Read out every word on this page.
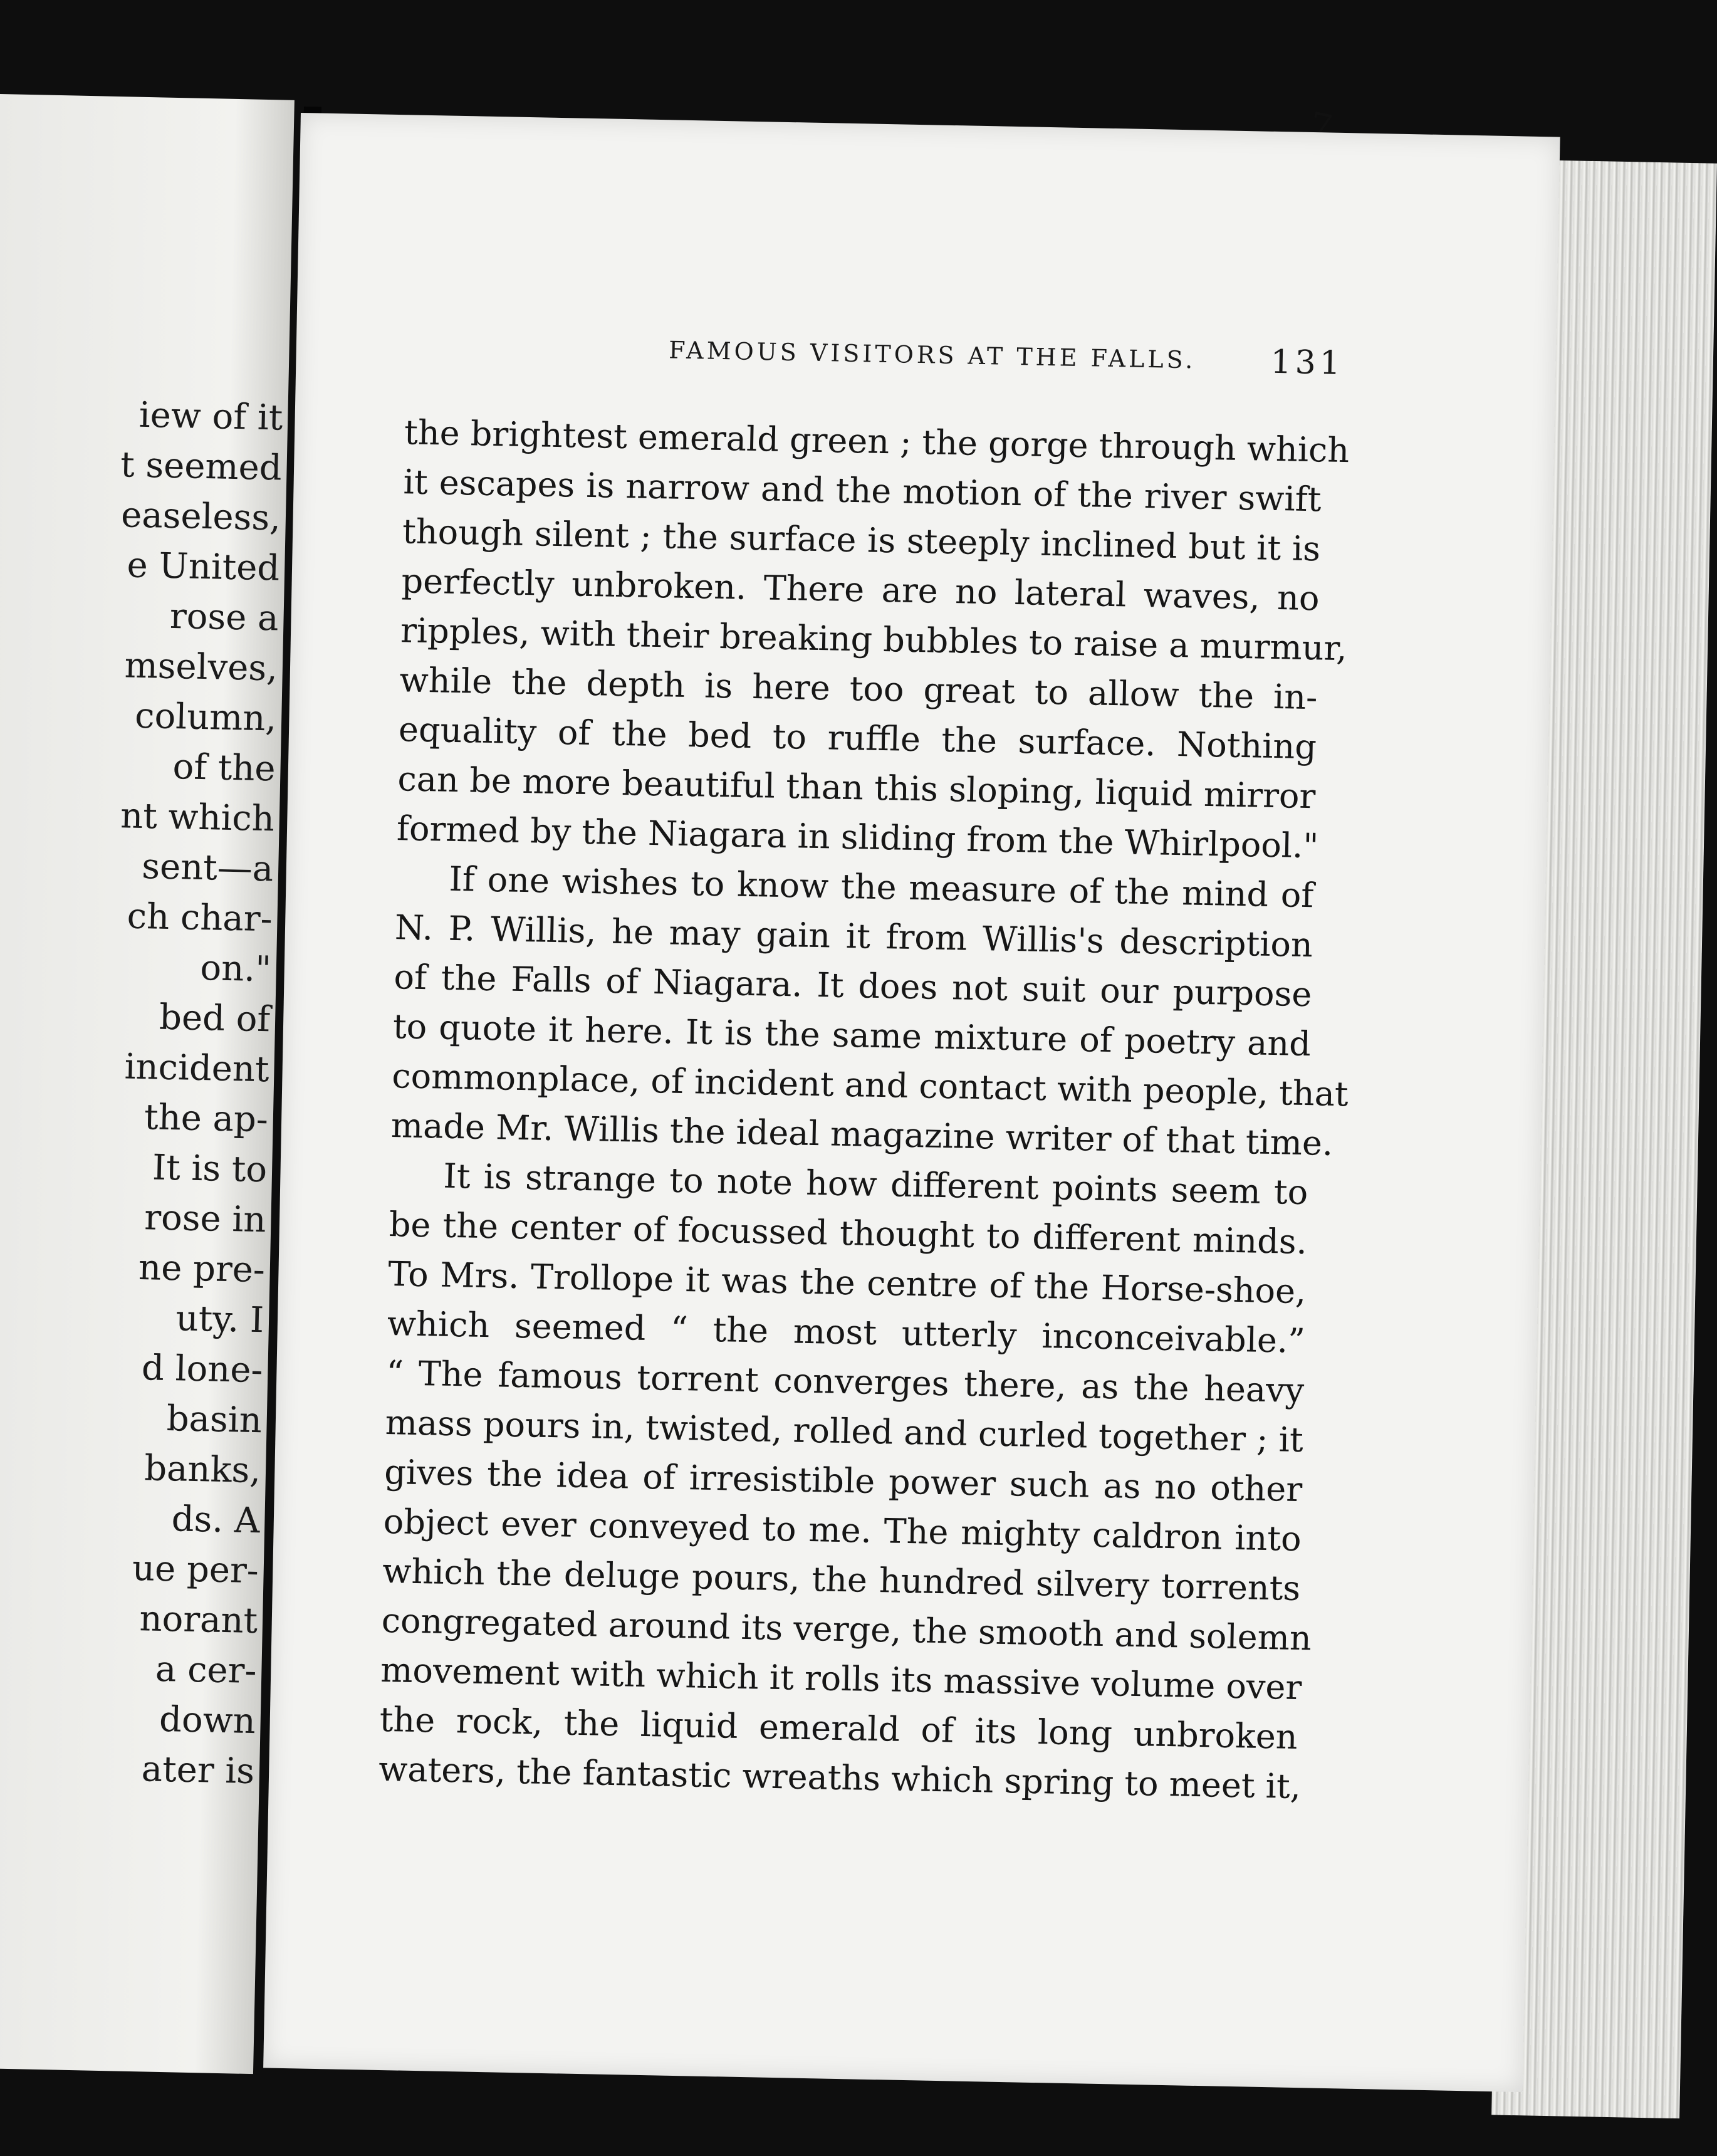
iew of it
t seemed
easeless,
e United
rose a
mselves,
column,
of the
nt which
sent—a
ch char-
on."
bed of
incident
the ap-
It is to
rose in
ne pre-
uty. I
d lone-
basin
banks,
ds. A
ue per-
norant
a cer-
down
ater is
7
FAMOUS VISITORS AT THE FALLS.	131
the brightest emerald green ; the gorge through which
it escapes is narrow and the motion of the river swift
though silent ; the surface is steeply inclined but it is
perfectly unbroken. There are no lateral waves, no
ripples, with their breaking bubbles to raise a murmur,
while the depth is here too great to allow the in-
equality of the bed to ruffle the surface. Nothing
can be more beautiful than this sloping, liquid mirror
formed by the Niagara in sliding from the Whirlpool."
If one wishes to know the measure of the mind of
N. P. Willis, he may gain it from Willis's description
of the Falls of Niagara. It does not suit our purpose
to quote it here. It is the same mixture of poetry and
commonplace, of incident and contact with people, that
made Mr. Willis the ideal magazine writer of that time.
It is strange to note how different points seem to
be the center of focussed thought to different minds.
To Mrs. Trollope it was the centre of the Horse-shoe,
which seemed “ the most utterly inconceivable.”
“ The famous torrent converges there, as the heavy
mass pours in, twisted, rolled and curled together ; it
gives the idea of irresistible power such as no other
object ever conveyed to me. The mighty caldron into
which the deluge pours, the hundred silvery torrents
congregated around its verge, the smooth and solemn
movement with which it rolls its massive volume over
the rock, the liquid emerald of its long unbroken
waters, the fantastic wreaths which spring to meet it,
